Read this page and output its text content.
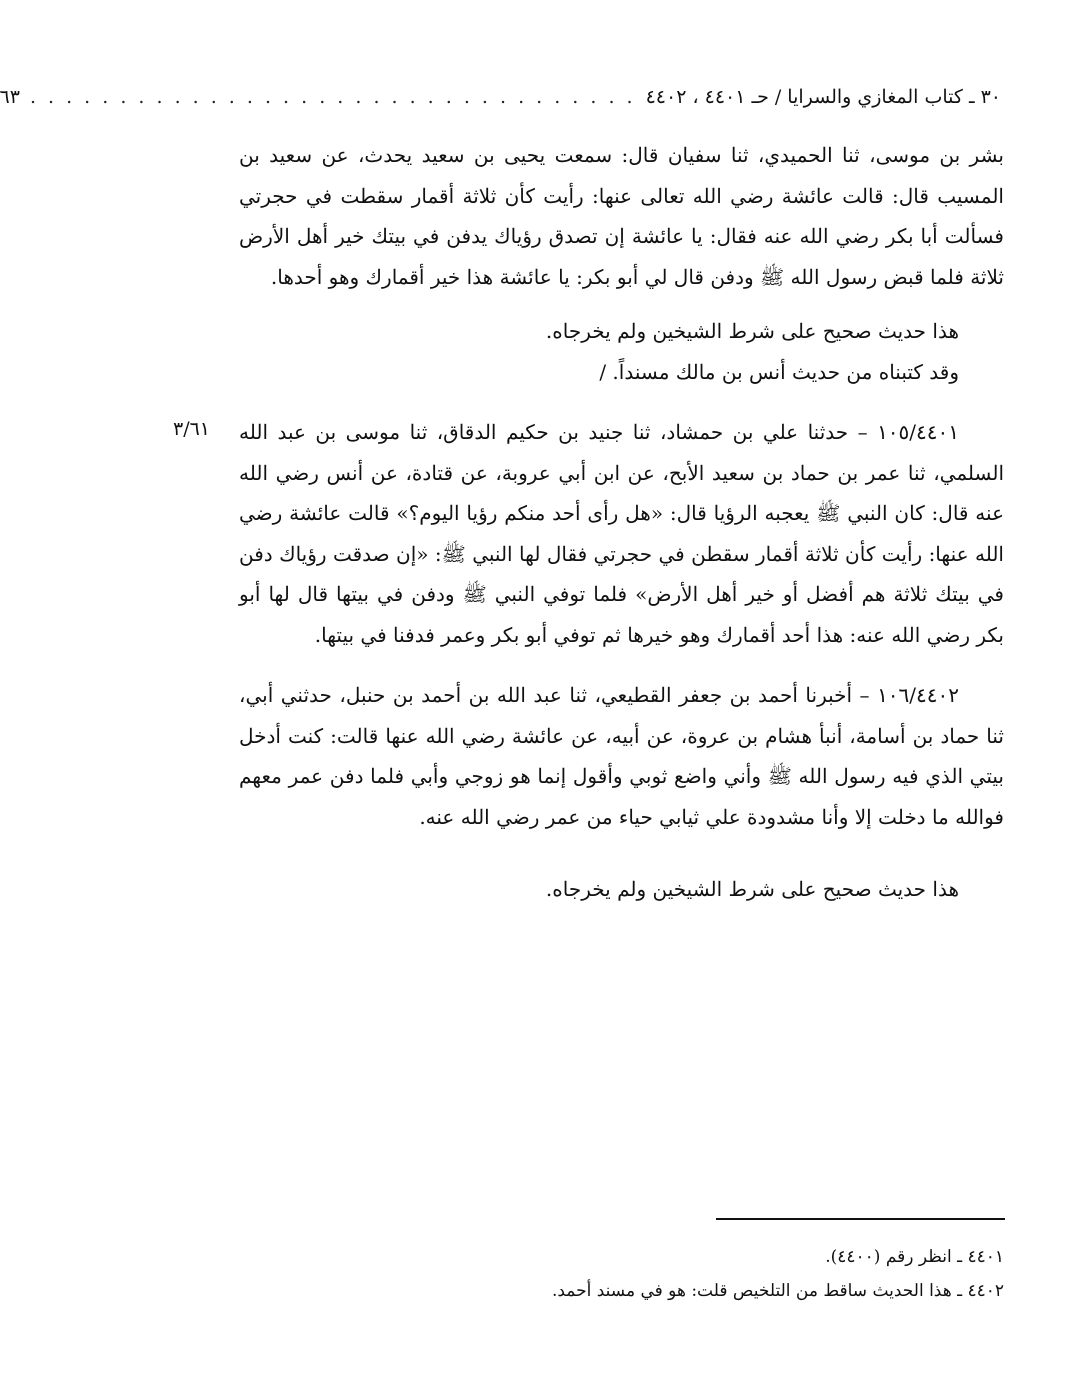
٣٠ ـ كتاب المغازي والسرايا / حـ ٤٤٠١ ، ٤٤٠٢
. . . . . . . . . . . . . . . . . . . . . . . . . . . . . . . . . .
٦٣
٣/٦١

بشر بن موسى، ثنا الحميدي، ثنا سفيان قال: سمعت يحيى بن سعيد يحدث، عن سعيد بن المسيب قال: قالت عائشة رضي الله تعالى عنها: رأيت كأن ثلاثة أقمار سقطت في حجرتي فسألت أبا بكر رضي الله عنه فقال: يا عائشة إن تصدق رؤياك يدفن في بيتك خير أهل الأرض ثلاثة فلما قبض رسول الله ﷺ ودفن قال لي أبو بكر: يا عائشة هذا خير أقمارك وهو أحدها.

هذا حديث صحيح على شرط الشيخين ولم يخرجاه.

وقد كتبناه من حديث أنس بن مالك مسنداً. /

١٠٥/٤٤٠١ – حدثنا علي بن حمشاد، ثنا جنيد بن حكيم الدقاق، ثنا موسى بن عبد الله السلمي، ثنا عمر بن حماد بن سعيد الأبح، عن ابن أبي عروبة، عن قتادة، عن أنس رضي الله عنه قال: كان النبي ﷺ يعجبه الرؤيا قال: «هل رأى أحد منكم رؤيا اليوم؟» قالت عائشة رضي الله عنها: رأيت كأن ثلاثة أقمار سقطن في حجرتي فقال لها النبي ﷺ: «إن صدقت رؤياك دفن في بيتك ثلاثة هم أفضل أو خير أهل الأرض» فلما توفي النبي ﷺ ودفن في بيتها قال لها أبو بكر رضي الله عنه: هذا أحد أقمارك وهو خيرها ثم توفي أبو بكر وعمر فدفنا في بيتها.

١٠٦/٤٤٠٢ – أخبرنا أحمد بن جعفر القطيعي، ثنا عبد الله بن أحمد بن حنبل، حدثني أبي، ثنا حماد بن أسامة، أنبأ هشام بن عروة، عن أبيه، عن عائشة رضي الله عنها قالت: كنت أدخل بيتي الذي فيه رسول الله ﷺ وأني واضع ثوبي وأقول إنما هو زوجي وأبي فلما دفن عمر معهم فوالله ما دخلت إلا وأنا مشدودة علي ثيابي حياء من عمر رضي الله عنه.

هذا حديث صحيح على شرط الشيخين ولم يخرجاه.

٤٤٠١ ـ انظر رقم (٤٤٠٠).

٤٤٠٢ ـ هذا الحديث ساقط من التلخيص قلت: هو في مسند أحمد.
